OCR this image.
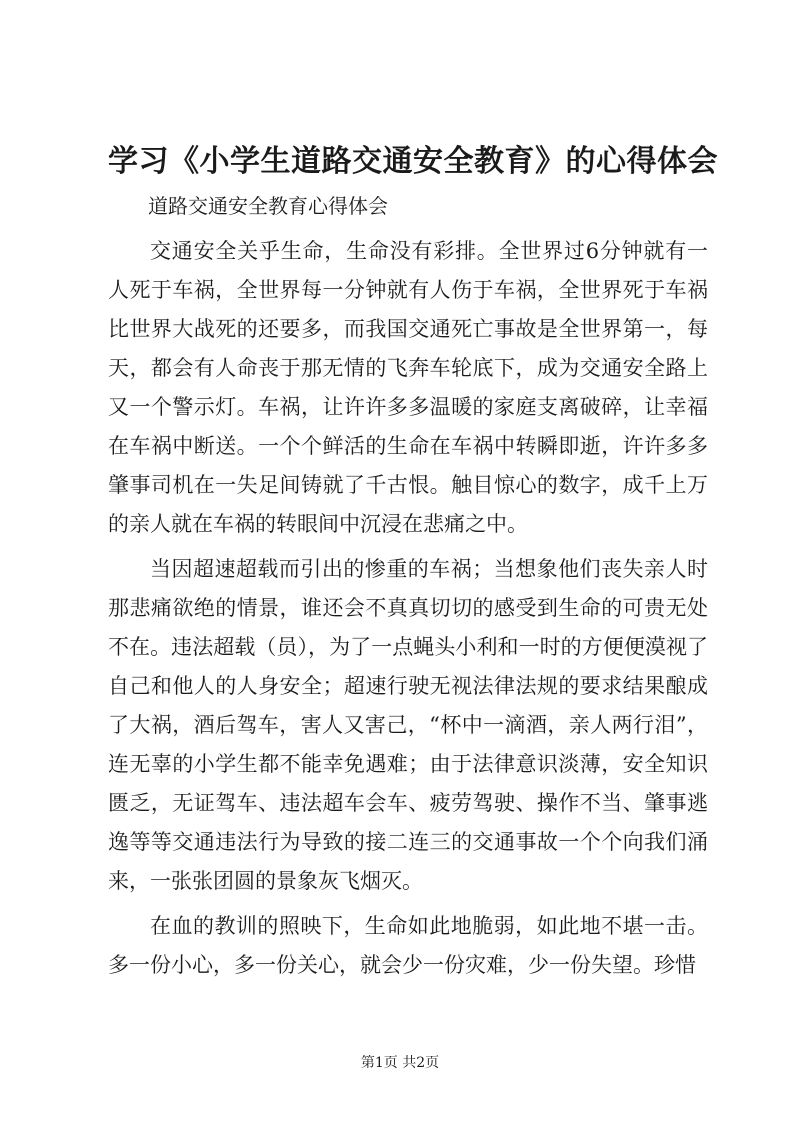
学习《小学生道路交通安全教育》的心得体会

道路交通安全教育心得体会

交通安全关乎生命，生命没有彩排。全世界过6分钟就有一人死于车祸，全世界每一分钟就有人伤于车祸，全世界死于车祸比世界大战死的还要多，而我国交通死亡事故是全世界第一，每天，都会有人命丧于那无情的飞奔车轮底下，成为交通安全路上又一个警示灯。车祸，让许许多多温暖的家庭支离破碎，让幸福在车祸中断送。一个个鲜活的生命在车祸中转瞬即逝，许许多多肇事司机在一失足间铸就了千古恨。触目惊心的数字，成千上万的亲人就在车祸的转眼间中沉浸在悲痛之中。

当因超速超载而引出的惨重的车祸；当想象他们丧失亲人时那悲痛欲绝的情景，谁还会不真真切切的感受到生命的可贵无处不在。违法超载（员），为了一点蝇头小利和一时的方便便漠视了自己和他人的人身安全；超速行驶无视法律法规的要求结果酿成了大祸，酒后驾车，害人又害己，“杯中一滴酒，亲人两行泪”，连无辜的小学生都不能幸免遇难；由于法律意识淡薄，安全知识匮乏，无证驾车、违法超车会车、疲劳驾驶、操作不当、肇事逃逸等等交通违法行为导致的接二连三的交通事故一个个向我们涌来，一张张团圆的景象灰飞烟灭。

在血的教训的照映下，生命如此地脆弱，如此地不堪一击。多一份小心，多一份关心，就会少一份灾难，少一份失望。珍惜

第1页 共2页
